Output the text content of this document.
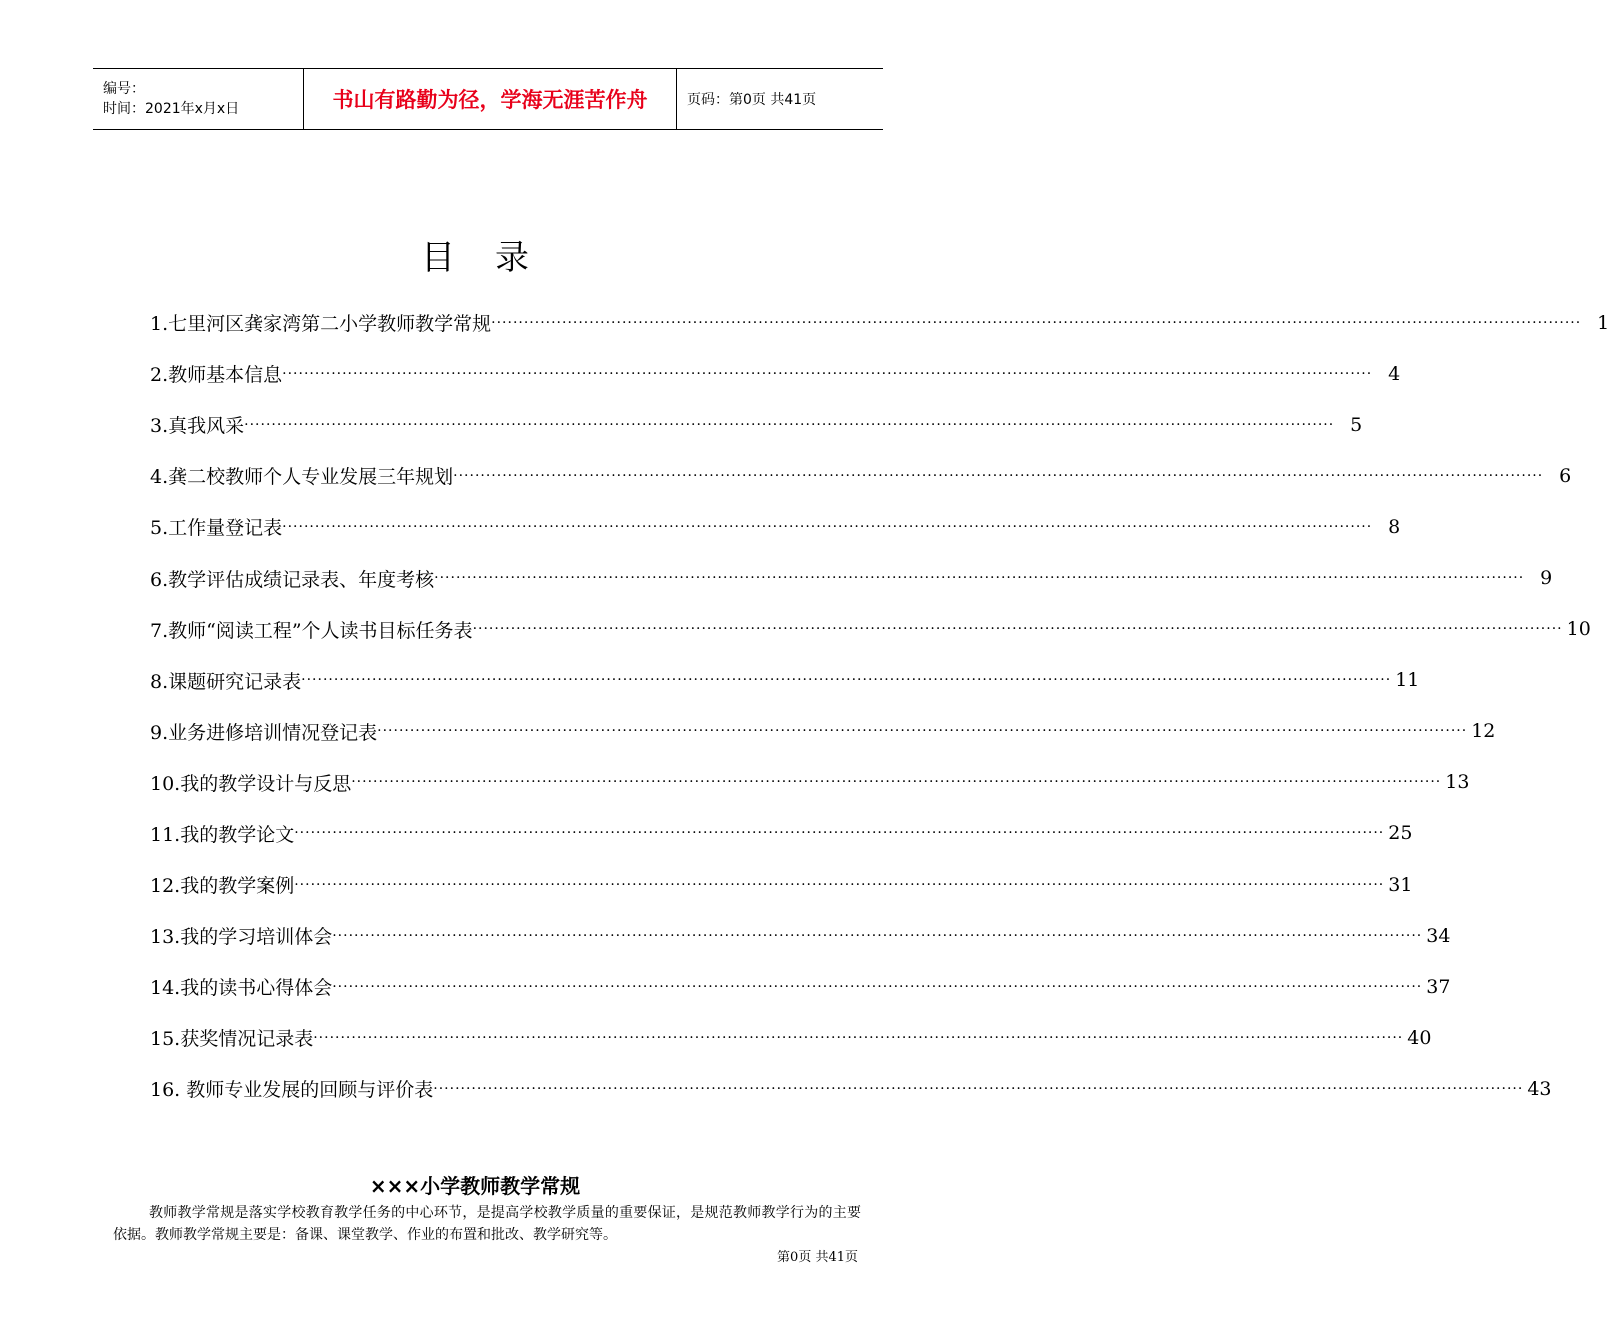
编号：
时间：2021年x月x日	书山有路勤为径，学海无涯苦作舟	页码：第0页 共41页
目录
1.七里河区龚家湾第二小学教师教学常规 ········································································································································································································ 1
2.教师基本信息 ········································································································································································································ 4
3.真我风采 ········································································································································································································ 5
4.龚二校教师个人专业发展三年规划 ········································································································································································································ 6
5.工作量登记表 ········································································································································································································ 8
6.教学评估成绩记录表、年度考核 ········································································································································································································ 9
7.教师“阅读工程”个人读书目标任务表 ········································································································································································································ 10
8.课题研究记录表 ········································································································································································································ 11
9.业务进修培训情况登记表 ········································································································································································································ 12
10.我的教学设计与反思 ········································································································································································································ 13
11.我的教学论文 ········································································································································································································ 25
12.我的教学案例 ········································································································································································································ 31
13.我的学习培训体会 ········································································································································································································ 34
14.我的读书心得体会 ········································································································································································································ 37
15.获奖情况记录表 ········································································································································································································ 40
16. 教师专业发展的回顾与评价表 ········································································································································································································ 43
×××小学教师教学常规

教师教学常规是落实学校教育教学任务的中心环节，是提高学校教学质量的重要保证，是规范教师教学行为的主要依据。教师教学常规主要是：备课、课堂教学、作业的布置和批改、教学研究等。

第0页 共41页
